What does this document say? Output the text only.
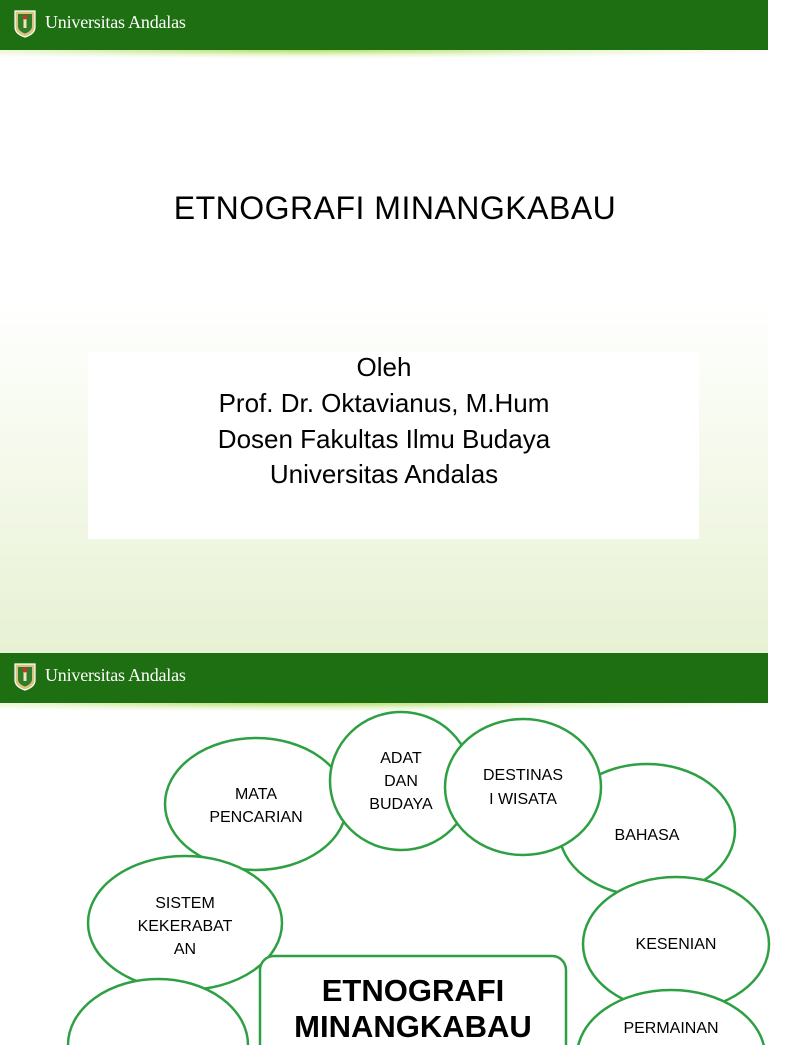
Universitas Andalas
ETNOGRAFI MINANGKABAU
Oleh
Prof. Dr. Oktavianus, M.Hum
Dosen Fakultas Ilmu Budaya
Universitas Andalas
Universitas Andalas
BAHASA
MATA
PENCARIAN
ADAT
DAN
BUDAYA
DESTINAS
I WISATA
SISTEM
KEKERABAT
AN	KESENIAN
PERMAINAN
ETNOGRAFI
MINANGKABAU
